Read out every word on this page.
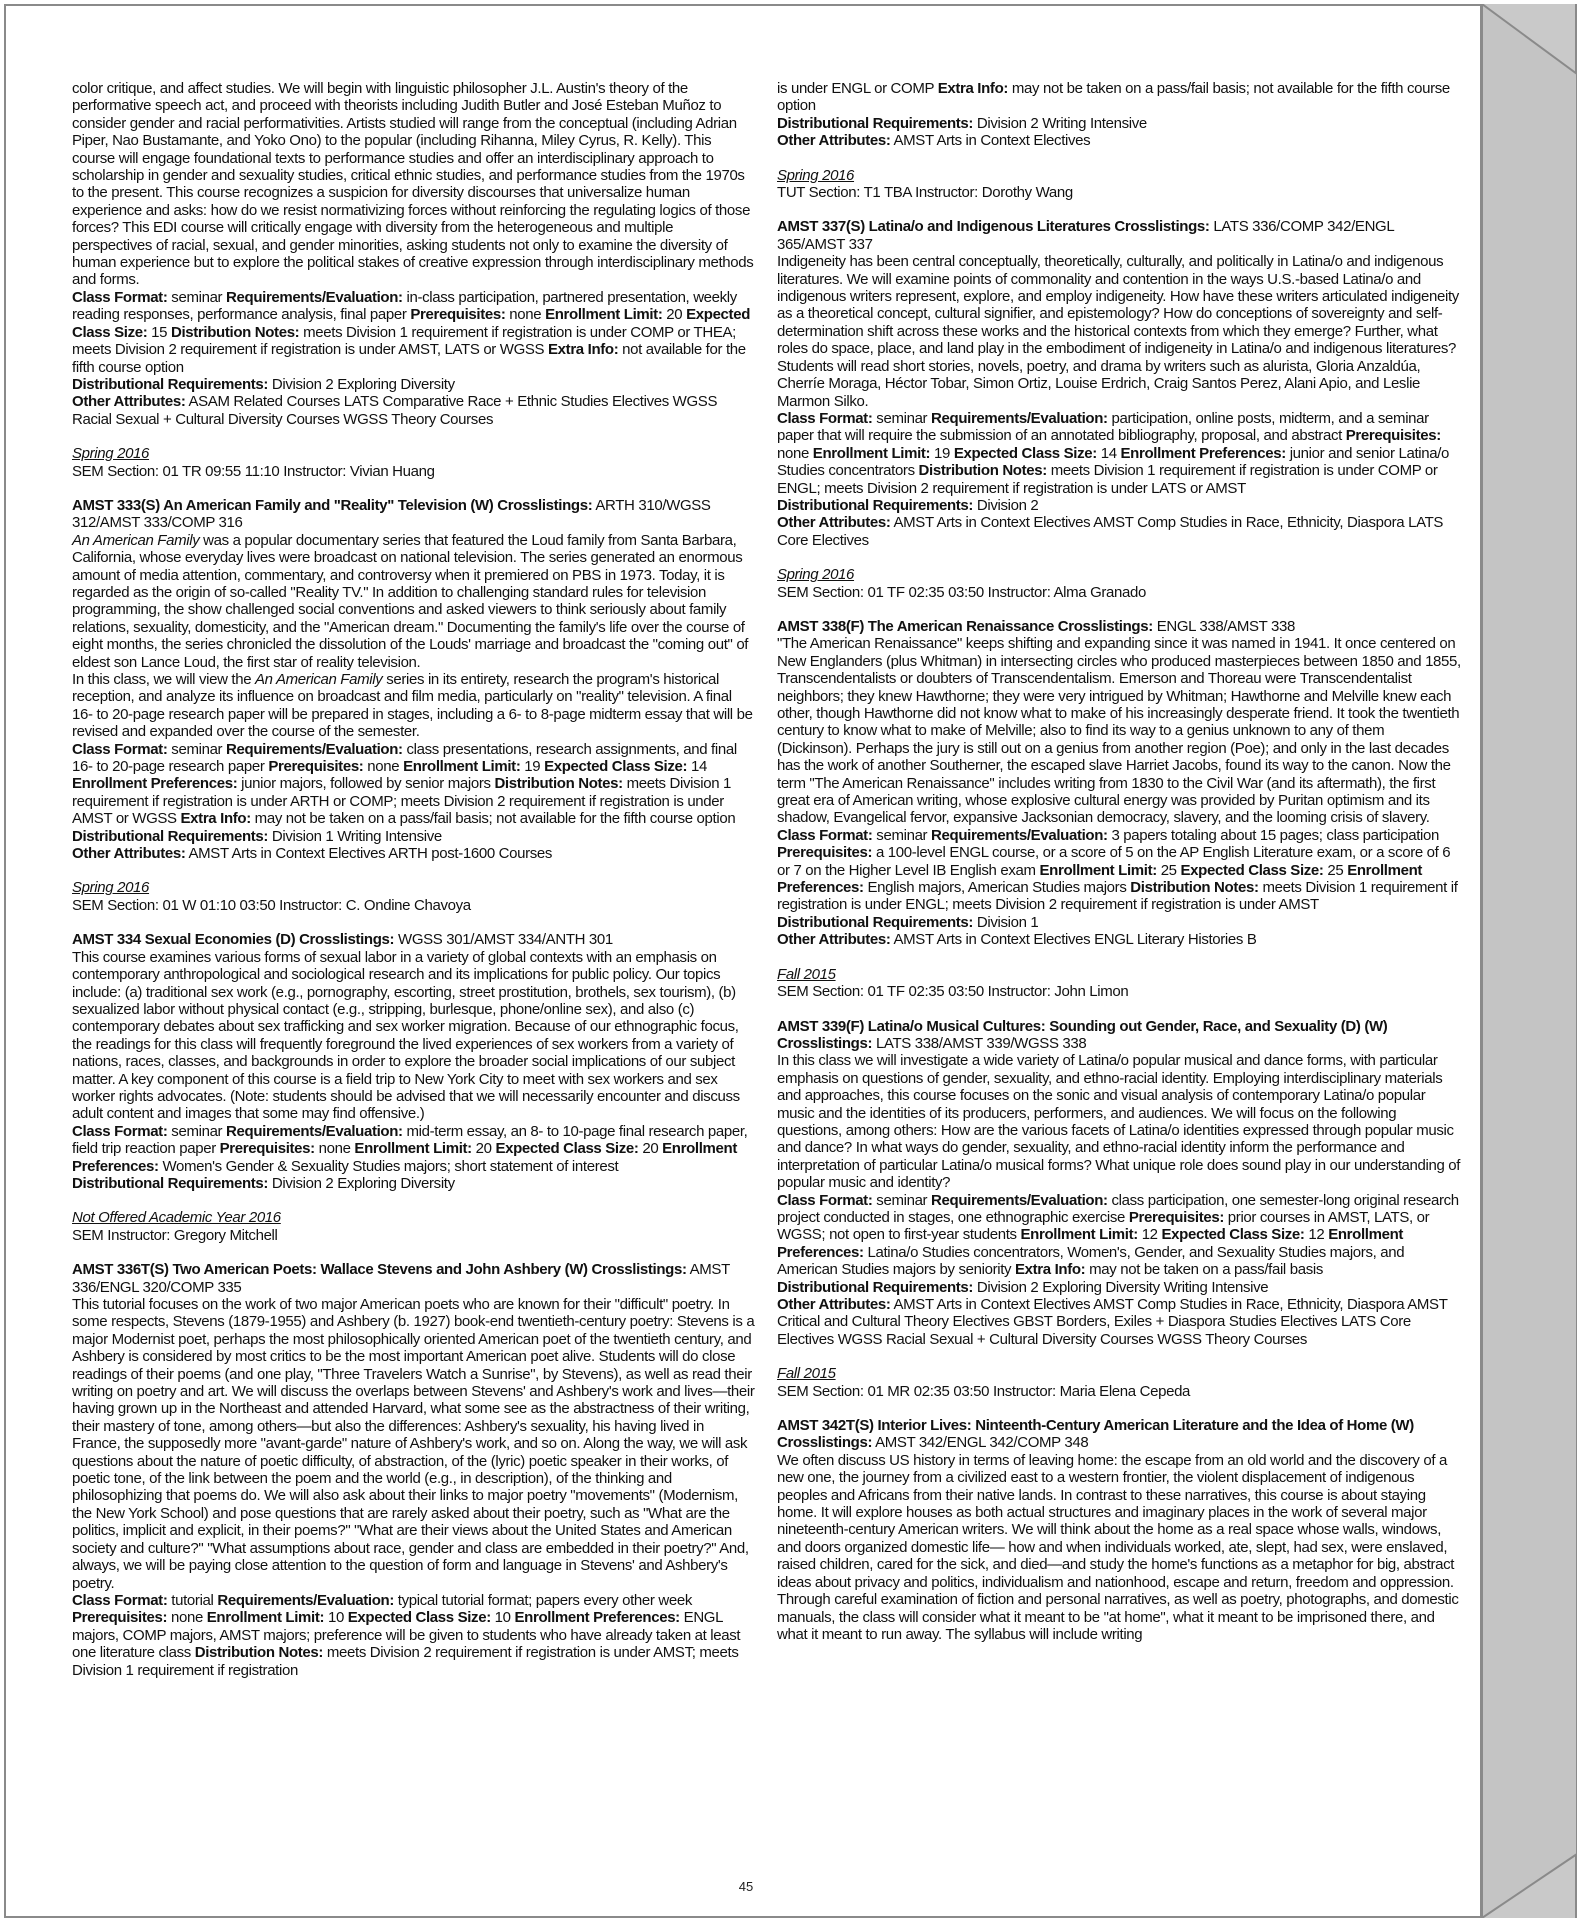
color critique, and affect studies. We will begin with linguistic philosopher J.L. Austin's theory of the performative speech act, and proceed with theorists including Judith Butler and José Esteban Muñoz to consider gender and racial performativities. Artists studied will range from the conceptual (including Adrian Piper, Nao Bustamante, and Yoko Ono) to the popular (including Rihanna, Miley Cyrus, R. Kelly). This course will engage foundational texts to performance studies and offer an interdisciplinary approach to scholarship in gender and sexuality studies, critical ethnic studies, and performance studies from the 1970s to the present. This course recognizes a suspicion for diversity discourses that universalize human experience and asks: how do we resist normativizing forces without reinforcing the regulating logics of those forces? This EDI course will critically engage with diversity from the heterogeneous and multiple perspectives of racial, sexual, and gender minorities, asking students not only to examine the diversity of human experience but to explore the political stakes of creative expression through interdisciplinary methods and forms.

Class Format: seminar Requirements/Evaluation: in-class participation, partnered presentation, weekly reading responses, performance analysis, final paper Prerequisites: none Enrollment Limit: 20 Expected Class Size: 15 Distribution Notes: meets Division 1 requirement if registration is under COMP or THEA; meets Division 2 requirement if registration is under AMST, LATS or WGSS Extra Info: not available for the fifth course option

Distributional Requirements: Division 2 Exploring Diversity

Other Attributes: ASAM Related Courses LATS Comparative Race + Ethnic Studies Electives WGSS Racial Sexual + Cultural Diversity Courses WGSS Theory Courses

Spring 2016

SEM Section: 01 TR 09:55 11:10 Instructor: Vivian Huang

AMST 333(S) An American Family and "Reality" Television (W) Crosslistings: ARTH 310/WGSS 312/AMST 333/COMP 316

An American Family was a popular documentary series that featured the Loud family from Santa Barbara, California, whose everyday lives were broadcast on national television. The series generated an enormous amount of media attention, commentary, and controversy when it premiered on PBS in 1973. Today, it is regarded as the origin of so-called "Reality TV." In addition to challenging standard rules for television programming, the show challenged social conventions and asked viewers to think seriously about family relations, sexuality, domesticity, and the "American dream." Documenting the family's life over the course of eight months, the series chronicled the dissolution of the Louds' marriage and broadcast the "coming out" of eldest son Lance Loud, the first star of reality television.

In this class, we will view the An American Family series in its entirety, research the program's historical reception, and analyze its influence on broadcast and film media, particularly on "reality" television. A final 16- to 20-page research paper will be prepared in stages, including a 6- to 8-page midterm essay that will be revised and expanded over the course of the semester.

Class Format: seminar Requirements/Evaluation: class presentations, research assignments, and final 16- to 20-page research paper Prerequisites: none Enrollment Limit: 19 Expected Class Size: 14 Enrollment Preferences: junior majors, followed by senior majors Distribution Notes: meets Division 1 requirement if registration is under ARTH or COMP; meets Division 2 requirement if registration is under AMST or WGSS Extra Info: may not be taken on a pass/fail basis; not available for the fifth course option

Distributional Requirements: Division 1 Writing Intensive

Other Attributes: AMST Arts in Context Electives ARTH post-1600 Courses

Spring 2016

SEM Section: 01 W 01:10 03:50 Instructor: C. Ondine Chavoya

AMST 334 Sexual Economies (D) Crosslistings: WGSS 301/AMST 334/ANTH 301

This course examines various forms of sexual labor in a variety of global contexts with an emphasis on contemporary anthropological and sociological research and its implications for public policy. Our topics include: (a) traditional sex work (e.g., pornography, escorting, street prostitution, brothels, sex tourism), (b) sexualized labor without physical contact (e.g., stripping, burlesque, phone/online sex), and also (c) contemporary debates about sex trafficking and sex worker migration. Because of our ethnographic focus, the readings for this class will frequently foreground the lived experiences of sex workers from a variety of nations, races, classes, and backgrounds in order to explore the broader social implications of our subject matter. A key component of this course is a field trip to New York City to meet with sex workers and sex worker rights advocates. (Note: students should be advised that we will necessarily encounter and discuss adult content and images that some may find offensive.)

Class Format: seminar Requirements/Evaluation: mid-term essay, an 8- to 10-page final research paper, field trip reaction paper Prerequisites: none Enrollment Limit: 20 Expected Class Size: 20 Enrollment Preferences: Women's Gender & Sexuality Studies majors; short statement of interest

Distributional Requirements: Division 2 Exploring Diversity

Not Offered Academic Year 2016

SEM Instructor: Gregory Mitchell

AMST 336T(S) Two American Poets: Wallace Stevens and John Ashbery (W) Crosslistings: AMST 336/ENGL 320/COMP 335

This tutorial focuses on the work of two major American poets who are known for their "difficult" poetry. In some respects, Stevens (1879-1955) and Ashbery (b. 1927) book-end twentieth-century poetry: Stevens is a major Modernist poet, perhaps the most philosophically oriented American poet of the twentieth century, and Ashbery is considered by most critics to be the most important American poet alive. Students will do close readings of their poems (and one play, "Three Travelers Watch a Sunrise", by Stevens), as well as read their writing on poetry and art. We will discuss the overlaps between Stevens' and Ashbery's work and lives—their having grown up in the Northeast and attended Harvard, what some see as the abstractness of their writing, their mastery of tone, among others—but also the differences: Ashbery's sexuality, his having lived in France, the supposedly more "avant-garde" nature of Ashbery's work, and so on. Along the way, we will ask questions about the nature of poetic difficulty, of abstraction, of the (lyric) poetic speaker in their works, of poetic tone, of the link between the poem and the world (e.g., in description), of the thinking and philosophizing that poems do. We will also ask about their links to major poetry "movements" (Modernism, the New York School) and pose questions that are rarely asked about their poetry, such as "What are the politics, implicit and explicit, in their poems?" "What are their views about the United States and American society and culture?" "What assumptions about race, gender and class are embedded in their poetry?" And, always, we will be paying close attention to the question of form and language in Stevens' and Ashbery's poetry.

Class Format: tutorial Requirements/Evaluation: typical tutorial format; papers every other week Prerequisites: none Enrollment Limit: 10 Expected Class Size: 10 Enrollment Preferences: ENGL majors, COMP majors, AMST majors; preference will be given to students who have already taken at least one literature class Distribution Notes: meets Division 2 requirement if registration is under AMST; meets Division 1 requirement if registration

is under ENGL or COMP Extra Info: may not be taken on a pass/fail basis; not available for the fifth course option

Distributional Requirements: Division 2 Writing Intensive

Other Attributes: AMST Arts in Context Electives

Spring 2016

TUT Section: T1 TBA Instructor: Dorothy Wang

AMST 337(S) Latina/o and Indigenous Literatures Crosslistings: LATS 336/COMP 342/ENGL 365/AMST 337

Indigeneity has been central conceptually, theoretically, culturally, and politically in Latina/o and indigenous literatures. We will examine points of commonality and contention in the ways U.S.-based Latina/o and indigenous writers represent, explore, and employ indigeneity. How have these writers articulated indigeneity as a theoretical concept, cultural signifier, and epistemology? How do conceptions of sovereignty and self-determination shift across these works and the historical contexts from which they emerge? Further, what roles do space, place, and land play in the embodiment of indigeneity in Latina/o and indigenous literatures? Students will read short stories, novels, poetry, and drama by writers such as alurista, Gloria Anzaldúa, Cherríe Moraga, Héctor Tobar, Simon Ortiz, Louise Erdrich, Craig Santos Perez, Alani Apio, and Leslie Marmon Silko.

Class Format: seminar Requirements/Evaluation: participation, online posts, midterm, and a seminar paper that will require the submission of an annotated bibliography, proposal, and abstract Prerequisites: none Enrollment Limit: 19 Expected Class Size: 14 Enrollment Preferences: junior and senior Latina/o Studies concentrators Distribution Notes: meets Division 1 requirement if registration is under COMP or ENGL; meets Division 2 requirement if registration is under LATS or AMST

Distributional Requirements: Division 2

Other Attributes: AMST Arts in Context Electives AMST Comp Studies in Race, Ethnicity, Diaspora LATS Core Electives

Spring 2016

SEM Section: 01 TF 02:35 03:50 Instructor: Alma Granado

AMST 338(F) The American Renaissance Crosslistings: ENGL 338/AMST 338

"The American Renaissance" keeps shifting and expanding since it was named in 1941. It once centered on New Englanders (plus Whitman) in intersecting circles who produced masterpieces between 1850 and 1855, Transcendentalists or doubters of Transcendentalism. Emerson and Thoreau were Transcendentalist neighbors; they knew Hawthorne; they were very intrigued by Whitman; Hawthorne and Melville knew each other, though Hawthorne did not know what to make of his increasingly desperate friend. It took the twentieth century to know what to make of Melville; also to find its way to a genius unknown to any of them (Dickinson). Perhaps the jury is still out on a genius from another region (Poe); and only in the last decades has the work of another Southerner, the escaped slave Harriet Jacobs, found its way to the canon. Now the term "The American Renaissance" includes writing from 1830 to the Civil War (and its aftermath), the first great era of American writing, whose explosive cultural energy was provided by Puritan optimism and its shadow, Evangelical fervor, expansive Jacksonian democracy, slavery, and the looming crisis of slavery.

Class Format: seminar Requirements/Evaluation: 3 papers totaling about 15 pages; class participation Prerequisites: a 100-level ENGL course, or a score of 5 on the AP English Literature exam, or a score of 6 or 7 on the Higher Level IB English exam Enrollment Limit: 25 Expected Class Size: 25 Enrollment Preferences: English majors, American Studies majors Distribution Notes: meets Division 1 requirement if registration is under ENGL; meets Division 2 requirement if registration is under AMST

Distributional Requirements: Division 1

Other Attributes: AMST Arts in Context Electives ENGL Literary Histories B

Fall 2015

SEM Section: 01 TF 02:35 03:50 Instructor: John Limon

AMST 339(F) Latina/o Musical Cultures: Sounding out Gender, Race, and Sexuality (D) (W) Crosslistings: LATS 338/AMST 339/WGSS 338

In this class we will investigate a wide variety of Latina/o popular musical and dance forms, with particular emphasis on questions of gender, sexuality, and ethno-racial identity. Employing interdisciplinary materials and approaches, this course focuses on the sonic and visual analysis of contemporary Latina/o popular music and the identities of its producers, performers, and audiences. We will focus on the following questions, among others: How are the various facets of Latina/o identities expressed through popular music and dance? In what ways do gender, sexuality, and ethno-racial identity inform the performance and interpretation of particular Latina/o musical forms? What unique role does sound play in our understanding of popular music and identity?

Class Format: seminar Requirements/Evaluation: class participation, one semester-long original research project conducted in stages, one ethnographic exercise Prerequisites: prior courses in AMST, LATS, or WGSS; not open to first-year students Enrollment Limit: 12 Expected Class Size: 12 Enrollment Preferences: Latina/o Studies concentrators, Women's, Gender, and Sexuality Studies majors, and American Studies majors by seniority Extra Info: may not be taken on a pass/fail basis

Distributional Requirements: Division 2 Exploring Diversity Writing Intensive

Other Attributes: AMST Arts in Context Electives AMST Comp Studies in Race, Ethnicity, Diaspora AMST Critical and Cultural Theory Electives GBST Borders, Exiles + Diaspora Studies Electives LATS Core Electives WGSS Racial Sexual + Cultural Diversity Courses WGSS Theory Courses

Fall 2015

SEM Section: 01 MR 02:35 03:50 Instructor: Maria Elena Cepeda

AMST 342T(S) Interior Lives: Ninteenth-Century American Literature and the Idea of Home (W) Crosslistings: AMST 342/ENGL 342/COMP 348

We often discuss US history in terms of leaving home: the escape from an old world and the discovery of a new one, the journey from a civilized east to a western frontier, the violent displacement of indigenous peoples and Africans from their native lands. In contrast to these narratives, this course is about staying home. It will explore houses as both actual structures and imaginary places in the work of several major nineteenth-century American writers. We will think about the home as a real space whose walls, windows, and doors organized domestic life— how and when individuals worked, ate, slept, had sex, were enslaved, raised children, cared for the sick, and died—and study the home's functions as a metaphor for big, abstract ideas about privacy and politics, individualism and nationhood, escape and return, freedom and oppression. Through careful examination of fiction and personal narratives, as well as poetry, photographs, and domestic manuals, the class will consider what it meant to be "at home", what it meant to be imprisoned there, and what it meant to run away. The syllabus will include writing

45
